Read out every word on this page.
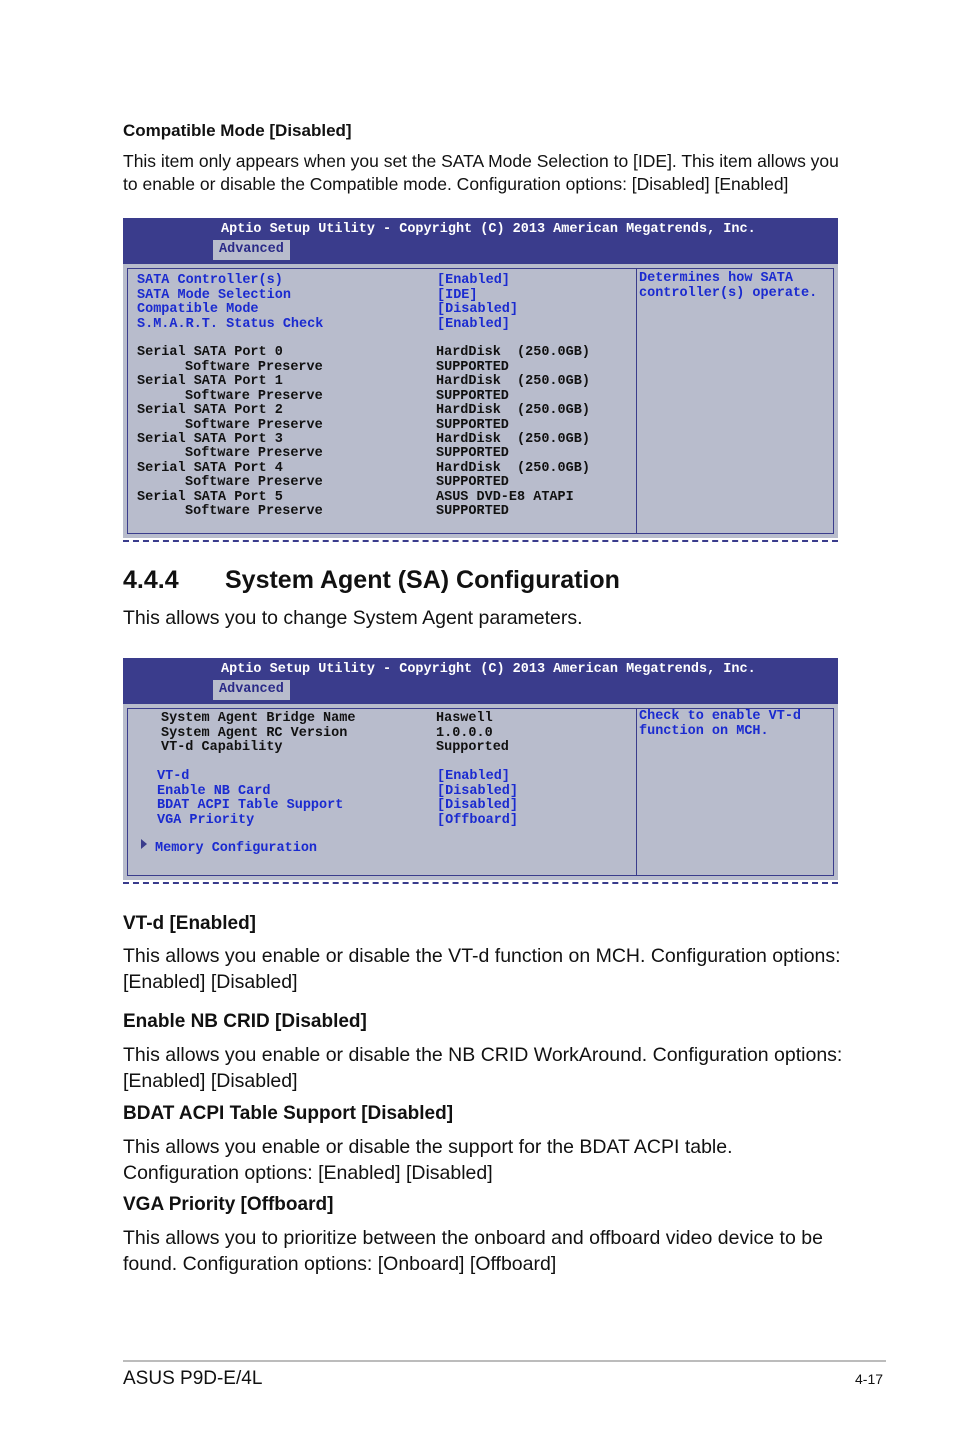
Compatible Mode [Disabled]
This item only appears when you set the SATA Mode Selection to [IDE]. This item allows you
to enable or disable the Compatible mode. Configuration options: [Disabled] [Enabled]
Aptio Setup Utility - Copyright (C) 2013 American Megatrends, Inc.
Advanced
SATA Controller(s)	[Enabled]
SATA Mode Selection	[IDE]
Compatible Mode	[Disabled]
S.M.A.R.T. Status Check	[Enabled]
Serial SATA Port 0	HardDisk  (250.0GB)
Software Preserve	SUPPORTED
Serial SATA Port 1	HardDisk  (250.0GB)
Software Preserve	SUPPORTED
Serial SATA Port 2	HardDisk  (250.0GB)
Software Preserve	SUPPORTED
Serial SATA Port 3	HardDisk  (250.0GB)
Software Preserve	SUPPORTED
Serial SATA Port 4	HardDisk  (250.0GB)
Software Preserve	SUPPORTED
Serial SATA Port 5	ASUS DVD-E8 ATAPI
Software Preserve	SUPPORTED
Determines how SATA
controller(s) operate.
4.4.4 System Agent (SA) Configuration
This allows you to change System Agent parameters.
Aptio Setup Utility - Copyright (C) 2013 American Megatrends, Inc.
Advanced
System Agent Bridge Name	Haswell
System Agent RC Version	1.0.0.0
VT-d Capability	Supported
VT-d	[Enabled]
Enable NB Card	[Disabled]
BDAT ACPI Table Support	[Disabled]
VGA Priority	[Offboard]
Memory Configuration
Check to enable VT-d
function on MCH.
VT-d [Enabled]
This allows you enable or disable the VT-d function on MCH. Configuration options:
[Enabled] [Disabled]
Enable NB CRID [Disabled]
This allows you enable or disable the NB CRID WorkAround. Configuration options:
[Enabled] [Disabled]
BDAT ACPI Table Support [Disabled]
This allows you enable or disable the support for the BDAT ACPI table.
Configuration options: [Enabled] [Disabled]
VGA Priority [Offboard]
This allows you to prioritize between the onboard and offboard video device to be
found. Configuration options: [Onboard] [Offboard]
ASUS P9D-E/4L	4-17
